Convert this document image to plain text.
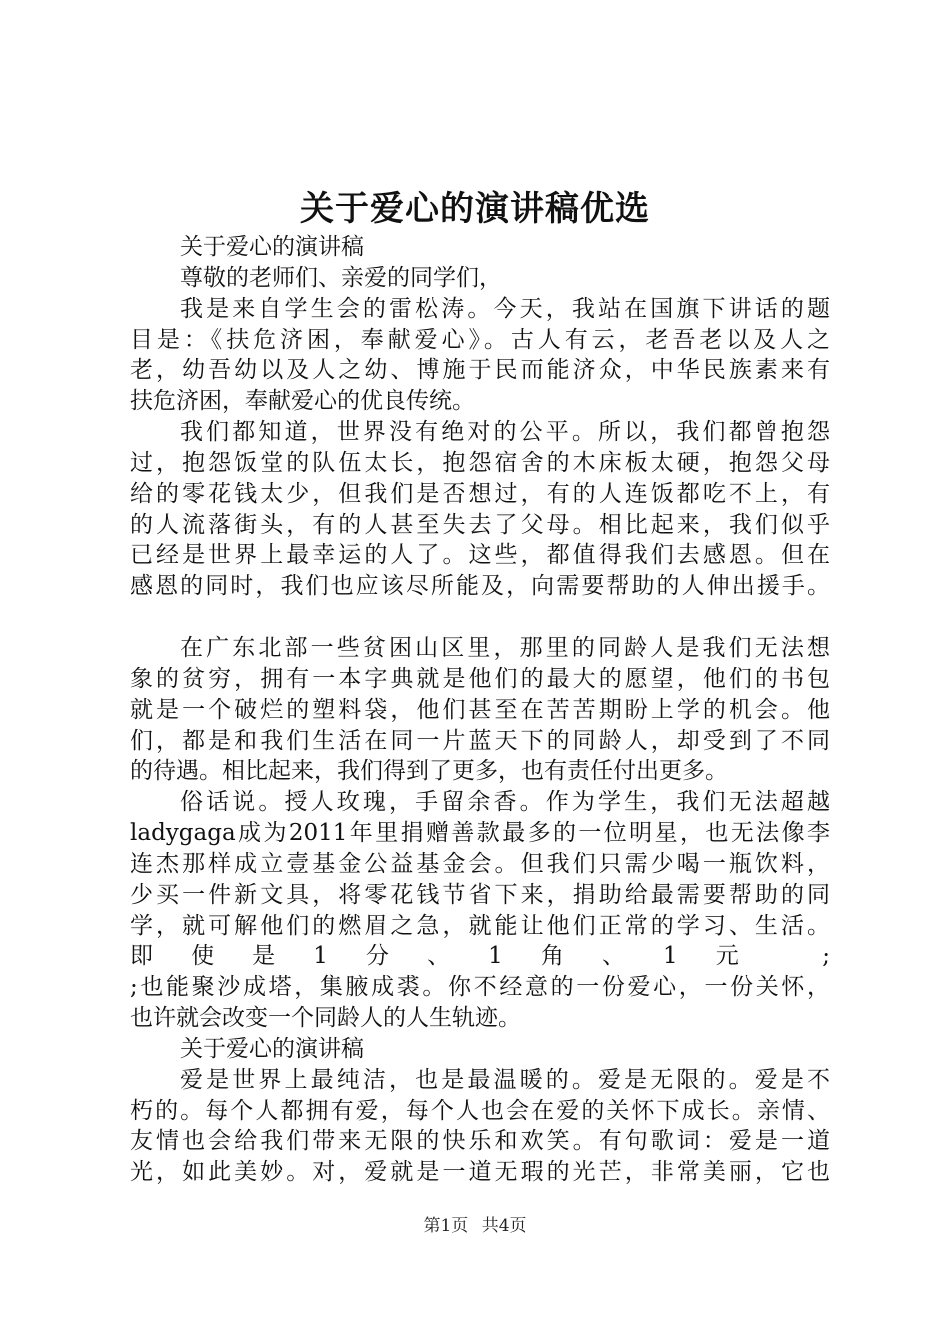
关于爱心的演讲稿优选
关于爱心的演讲稿
尊敬的老师们、亲爱的同学们，
我是来自学生会的雷松涛。今天，我站在国旗下讲话的题
目是：《扶危济困，奉献爱心》。古人有云，老吾老以及人之
老，幼吾幼以及人之幼、博施于民而能济众，中华民族素来有
扶危济困，奉献爱心的优良传统。
我们都知道，世界没有绝对的公平。所以，我们都曾抱怨
过，抱怨饭堂的队伍太长，抱怨宿舍的木床板太硬，抱怨父母
给的零花钱太少，但我们是否想过，有的人连饭都吃不上，有
的人流落街头，有的人甚至失去了父母。相比起来，我们似乎
已经是世界上最幸运的人了。这些，都值得我们去感恩。但在
感恩的同时，我们也应该尽所能及，向需要帮助的人伸出援手。
在广东北部一些贫困山区里，那里的同龄人是我们无法想
象的贫穷，拥有一本字典就是他们的最大的愿望，他们的书包
就是一个破烂的塑料袋，他们甚至在苦苦期盼上学的机会。他
们，都是和我们生活在同一片蓝天下的同龄人，却受到了不同
的待遇。相比起来，我们得到了更多，也有责任付出更多。
俗话说。授人玫瑰，手留余香。作为学生，我们无法超越
ladygaga成为2011年里捐赠善款最多的一位明星，也无法像李
连杰那样成立壹基金公益基金会。但我们只需少喝一瓶饮料，
少买一件新文具，将零花钱节省下来，捐助给最需要帮助的同
学，就可解他们的燃眉之急，就能让他们正常的学习、生活。
即使是1分、1角、1元 ;
;也能聚沙成塔，集腋成裘。你不经意的一份爱心，一份关怀，
也许就会改变一个同龄人的人生轨迹。
关于爱心的演讲稿
爱是世界上最纯洁，也是最温暖的。爱是无限的。爱是不
朽的。每个人都拥有爱，每个人也会在爱的关怀下成长。亲情、
友情也会给我们带来无限的快乐和欢笑。有句歌词：爱是一道
光，如此美妙。对，爱就是一道无瑕的光芒，非常美丽，它也
第1页 共4页
